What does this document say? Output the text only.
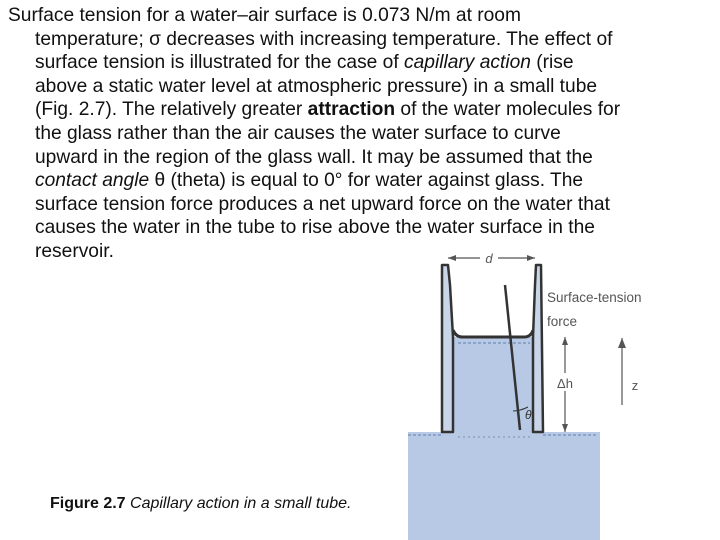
Surface tension for a water–air surface is 0.073 N/m at room
temperature; σ decreases with increasing temperature. The effect of
surface tension is illustrated for the case of capillary action (rise
above a static water level at atmospheric pressure) in a small tube
(Fig. 2.7). The relatively greater attraction of the water molecules for
the glass rather than the air causes the water surface to curve
upward in the region of the glass wall. It may be assumed that the
contact angle θ (theta) is equal to 0° for water against glass. The
surface tension force produces a net upward force on the water that
causes the water in the tube to rise above the water surface in the
reservoir.

Figure 2.7 Capillary action in a small tube.
d
Surface-tension
force
Δh	z
θ
